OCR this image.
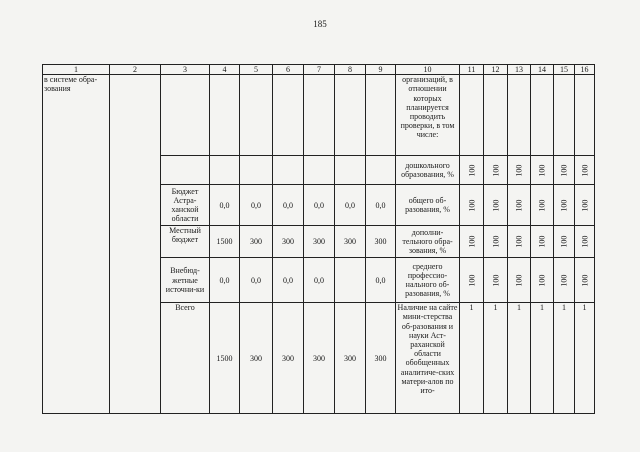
185
1	2	3	4	5	6	7	8	9	10	11	12	13	14	15	16
в системе обра-зования									организаций, в отношении которых планируется проводить проверки, в том числе:						
									дошкольного образования, %	100	100	100	100	100	100
		Бюджет Астра-ханской области	0,0	0,0	0,0	0,0	0,0	0,0	общего об-разования, %	100	100	100	100	100	100
		Местный бюджет	1500	300	300	300	300	300	дополни-тельного обра-зования, %	100	100	100	100	100	100
		Внебюд-жетные источни-ки	0,0	0,0	0,0	0,0		0,0	среднего профессио-нального об-разования, %	100	100	100	100	100	100
		Всего	1500	300	300	300	300	300	Наличие на сайте мини-стерства об-разования и науки Аст-раханской области обобщенных аналитиче-ских матери-алов по ито-	1	1	1	1	1	1
